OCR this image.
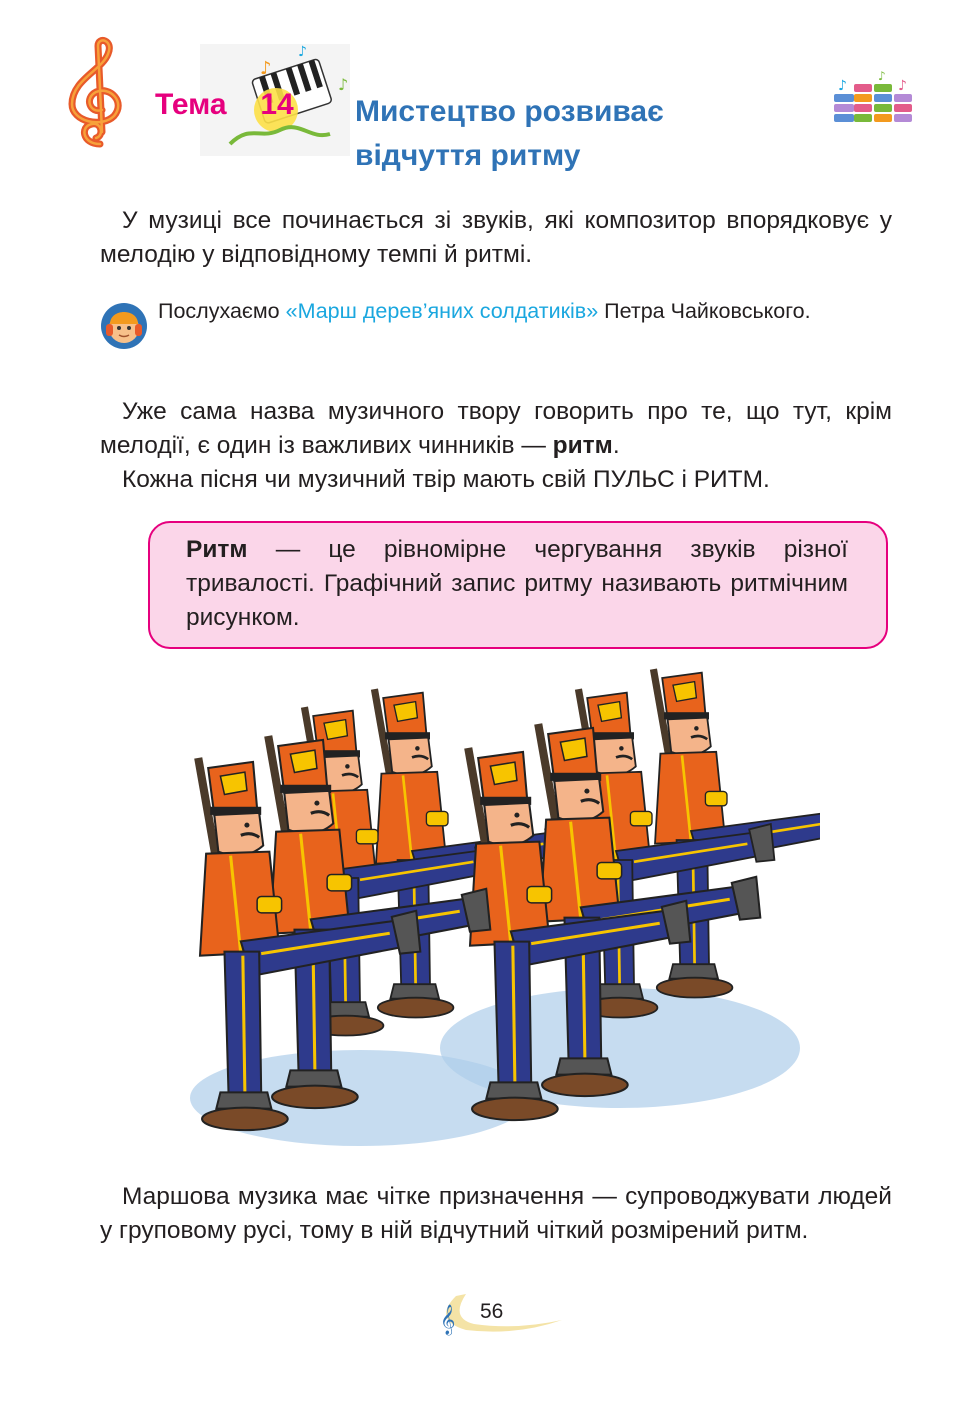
♪
♪
♪
Тема 14 Мистецтво розвиває
відчуття ритму
♪
♪
♪
У музиці все починається зі звуків, які композитор впорядковує у мелодію у відповідному темпі й ритмі.
Послухаємо «Марш дерев’яних солдатиків» Петра Чайковського.
Уже сама назва музичного твору говорить про те, що тут, крім мелодії, є один із важливих чинників — ритм.
Кожна пісня чи музичний твір мають свій ПУЛЬС і РИТМ.
Ритм — це рівномірне чергування звуків різної тривалості. Графічний запис ритму називають ритмічним рисунком.
Маршова музика має чітке призначення — супроводжувати людей у груповому русі, тому в ній відчутний чіткий розмірений ритм.
𝄞 56
